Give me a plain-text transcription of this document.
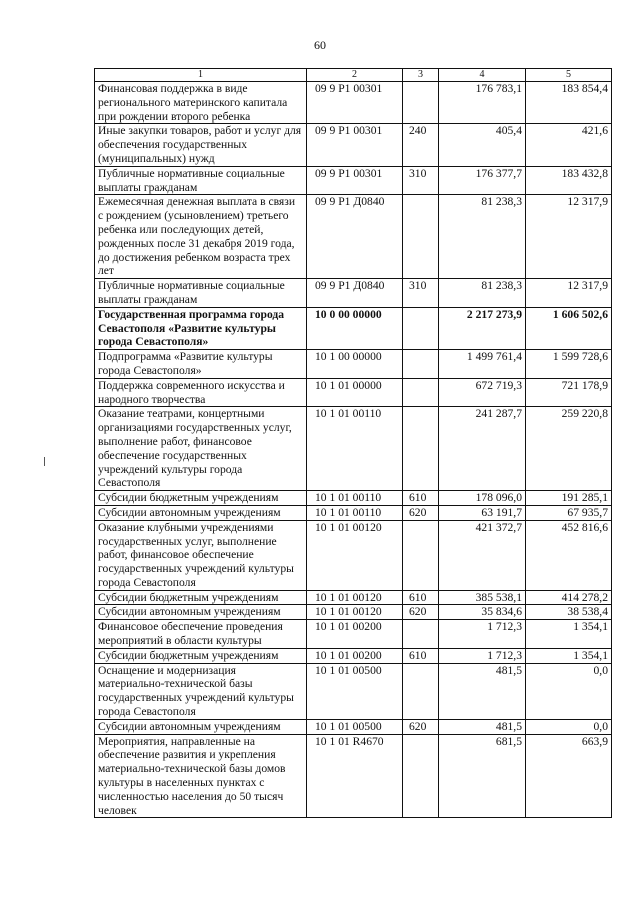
60
1	2	3	4	5
Финансовая поддержка в виде регионального материнского капитала при рождении второго ребенка	09 9 P1 00301		176 783,1	183 854,4
Иные закупки товаров, работ и услуг для обеспечения государственных (муниципальных) нужд	09 9 P1 00301	240	405,4	421,6
Публичные нормативные социальные выплаты гражданам	09 9 P1 00301	310	176 377,7	183 432,8
Ежемесячная денежная выплата в связи с рождением (усыновлением) третьего ребенка или последующих детей, рожденных после 31 декабря 2019 года, до достижения ребенком возраста трех лет	09 9 P1 Д0840		81 238,3	12 317,9
Публичные нормативные социальные выплаты гражданам	09 9 P1 Д0840	310	81 238,3	12 317,9
Государственная программа города Севастополя «Развитие культуры города Севастополя»	10 0 00 00000		2 217 273,9	1 606 502,6
Подпрограмма «Развитие культуры города Севастополя»	10 1 00 00000		1 499 761,4	1 599 728,6
Поддержка современного искусства и народного творчества	10 1 01 00000		672 719,3	721 178,9
Оказание театрами, концертными организациями государственных услуг, выполнение работ, финансовое обеспечение государственных учреждений культуры города Севастополя	10 1 01 00110		241 287,7	259 220,8
Субсидии бюджетным учреждениям	10 1 01 00110	610	178 096,0	191 285,1
Субсидии автономным учреждениям	10 1 01 00110	620	63 191,7	67 935,7
Оказание клубными учреждениями государственных услуг, выполнение работ, финансовое обеспечение государственных учреждений культуры города Севастополя	10 1 01 00120		421 372,7	452 816,6
Субсидии бюджетным учреждениям	10 1 01 00120	610	385 538,1	414 278,2
Субсидии автономным учреждениям	10 1 01 00120	620	35 834,6	38 538,4
Финансовое обеспечение проведения мероприятий в области культуры	10 1 01 00200		1 712,3	1 354,1
Субсидии бюджетным учреждениям	10 1 01 00200	610	1 712,3	1 354,1
Оснащение и модернизация материально-технической базы государственных учреждений культуры города Севастополя	10 1 01 00500		481,5	0,0
Субсидии автономным учреждениям	10 1 01 00500	620	481,5	0,0
Мероприятия, направленные на обеспечение развития и укрепления материально-технической базы домов культуры в населенных пунктах с численностью населения до 50 тысяч человек	10 1 01 R4670		681,5	663,9
